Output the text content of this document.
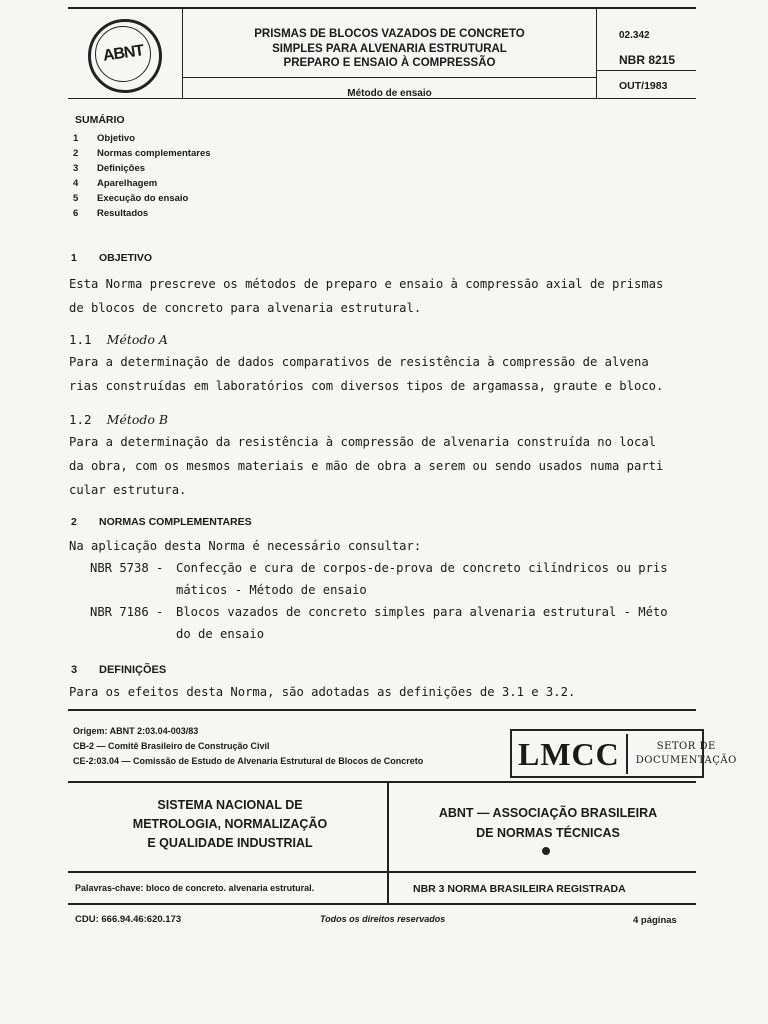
ABNT
PRISMAS DE BLOCOS VAZADOS DE CONCRETO
SIMPLES PARA ALVENARIA ESTRUTURAL
PREPARO E ENSAIO À COMPRESSÃO
Método de ensaio
02.342
NBR 8215
OUT/1983
SUMÁRIO
1	Objetivo
2	Normas complementares
3	Definições
4	Aparelhagem
5	Execução do ensaio
6	Resultados
1 OBJETIVO
Esta Norma prescreve os métodos de preparo e ensaio à compressão axial de prismas
de blocos de concreto para alvenaria estrutural.
1.1 Método A
Para a determinação de dados comparativos de resistência à compressão de alvena
rias construídas em laboratórios com diversos tipos de argamassa, graute e bloco.
1.2 Método B
Para a determinação da resistência à compressão de alvenaria construída no local
da obra, com os mesmos materiais e mão de obra a serem ou sendo usados numa parti
cular estrutura.
2 NORMAS COMPLEMENTARES
Na aplicação desta Norma é necessário consultar:
NBR 5738 - Confecção e cura de corpos-de-prova de concreto cilíndricos ou pris
máticos - Método de ensaio
NBR 7186 - Blocos vazados de concreto simples para alvenaria estrutural - Méto
do de ensaio
3 DEFINIÇÕES
Para os efeitos desta Norma, são adotadas as definições de 3.1 e 3.2.
Origem: ABNT 2:03.04-003/83
CB-2 — Comitê Brasileiro de Construção Civil
CE-2:03.04 — Comissão de Estudo de Alvenaria Estrutural de Blocos de Concreto	LMCC	SETOR DE
DOCUMENTAÇÃO
SISTEMA NACIONAL DE
METROLOGIA, NORMALIZAÇÃO
E QUALIDADE INDUSTRIAL
ABNT — ASSOCIAÇÃO BRASILEIRA
DE NORMAS TÉCNICAS
Palavras-chave: bloco de concreto. alvenaria estrutural.	NBR 3 NORMA BRASILEIRA REGISTRADA
CDU: 666.94.46:620.173	Todos os direitos reservados	4 páginas
